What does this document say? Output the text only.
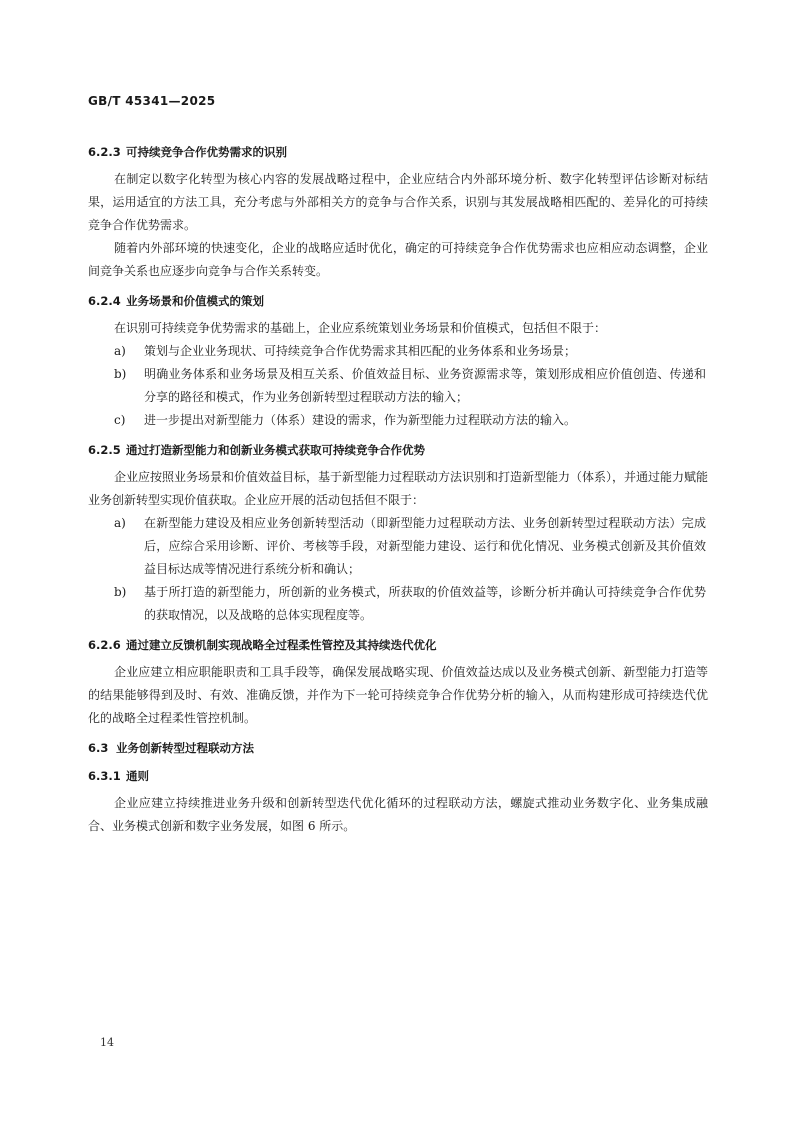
GB/T 45341—2025
6.2.3 可持续竞争合作优势需求的识别

在制定以数字化转型为核心内容的发展战略过程中，企业应结合内外部环境分析、数字化转型评估诊断对标结果，运用适宜的方法工具，充分考虑与外部相关方的竞争与合作关系，识别与其发展战略相匹配的、差异化的可持续竞争合作优势需求。

随着内外部环境的快速变化，企业的战略应适时优化，确定的可持续竞争合作优势需求也应相应动态调整，企业间竞争关系也应逐步向竞争与合作关系转变。

6.2.4 业务场景和价值模式的策划

在识别可持续竞争优势需求的基础上，企业应系统策划业务场景和价值模式，包括但不限于：

a) 策划与企业业务现状、可持续竞争合作优势需求其相匹配的业务体系和业务场景；
b) 明确业务体系和业务场景及相互关系、价值效益目标、业务资源需求等，策划形成相应价值创造、传递和分享的路径和模式，作为业务创新转型过程联动方法的输入；
c) 进一步提出对新型能力（体系）建设的需求，作为新型能力过程联动方法的输入。
6.2.5 通过打造新型能力和创新业务模式获取可持续竞争合作优势

企业应按照业务场景和价值效益目标，基于新型能力过程联动方法识别和打造新型能力（体系），并通过能力赋能业务创新转型实现价值获取。企业应开展的活动包括但不限于：

a) 在新型能力建设及相应业务创新转型活动（即新型能力过程联动方法、业务创新转型过程联动方法）完成后，应综合采用诊断、评价、考核等手段，对新型能力建设、运行和优化情况、业务模式创新及其价值效益目标达成等情况进行系统分析和确认；
b) 基于所打造的新型能力，所创新的业务模式，所获取的价值效益等，诊断分析并确认可持续竞争合作优势的获取情况，以及战略的总体实现程度等。
6.2.6 通过建立反馈机制实现战略全过程柔性管控及其持续迭代优化

企业应建立相应职能职责和工具手段等，确保发展战略实现、价值效益达成以及业务模式创新、新型能力打造等的结果能够得到及时、有效、准确反馈，并作为下一轮可持续竞争合作优势分析的输入，从而构建形成可持续迭代优化的战略全过程柔性管控机制。

6.3 业务创新转型过程联动方法
6.3.1 通则

企业应建立持续推进业务升级和创新转型迭代优化循环的过程联动方法，螺旋式推动业务数字化、业务集成融合、业务模式创新和数字业务发展，如图 6 所示。

14
